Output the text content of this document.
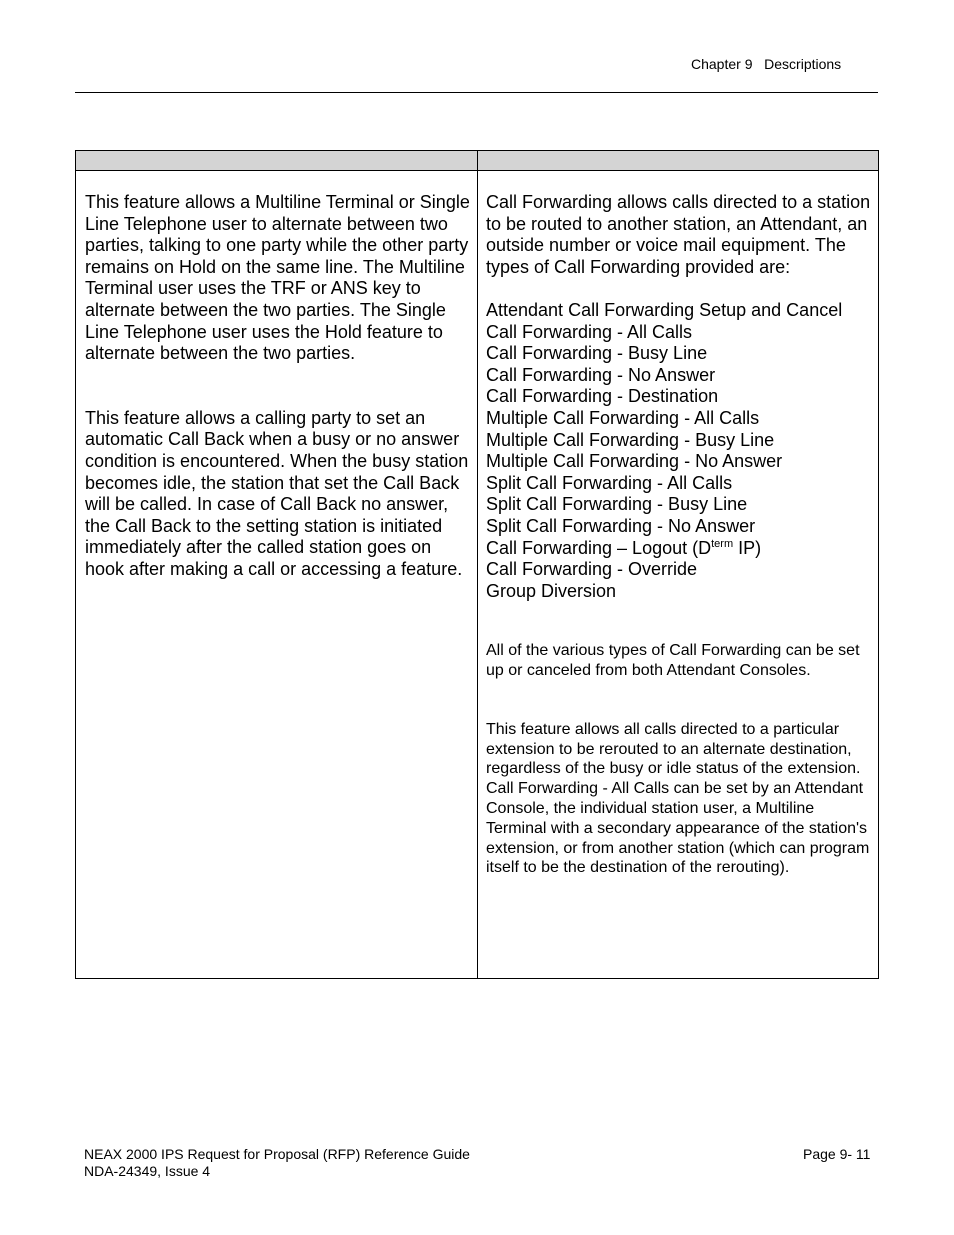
Chapter 9   Descriptions

This feature allows a Multiline Terminal or Single Line Telephone user to alternate between two parties, talking to one party while the other party remains on Hold on the same line. The Multiline Terminal user uses the TRF or ANS key to alternate between the two parties. The Single Line Telephone user uses the Hold feature to alternate between the two parties.

This feature allows a calling party to set an automatic Call Back when a busy or no answer condition is encountered. When the busy station becomes idle, the station that set the Call Back will be called. In case of Call Back no answer, the Call Back to the setting station is initiated immediately after the called station goes on hook after making a call or accessing a feature.

Call Forwarding allows calls directed to a station to be routed to another station, an Attendant, an outside number or voice mail equipment. The types of Call Forwarding provided are:

Attendant Call Forwarding Setup and Cancel
Call Forwarding - All Calls
Call Forwarding - Busy Line
Call Forwarding - No Answer
Call Forwarding - Destination
Multiple Call Forwarding - All Calls
Multiple Call Forwarding - Busy Line
Multiple Call Forwarding - No Answer
Split Call Forwarding - All Calls
Split Call Forwarding - Busy Line
Split Call Forwarding - No Answer
Call Forwarding – Logout ($D^{term}$ IP)
Call Forwarding - Override
Group Diversion

All of the various types of Call Forwarding can be set up or canceled from both Attendant Consoles.

This feature allows all calls directed to a particular extension to be rerouted to an alternate destination, regardless of the busy or idle status of the extension. Call Forwarding - All Calls can be set by an Attendant Console, the individual station user, a Multiline Terminal with a secondary appearance of the station's extension, or from another station (which can program itself to be the destination of the rerouting).

NEAX 2000 IPS Request for Proposal (RFP) Reference Guide
NDA-24349, Issue 4
Page 9- 11
